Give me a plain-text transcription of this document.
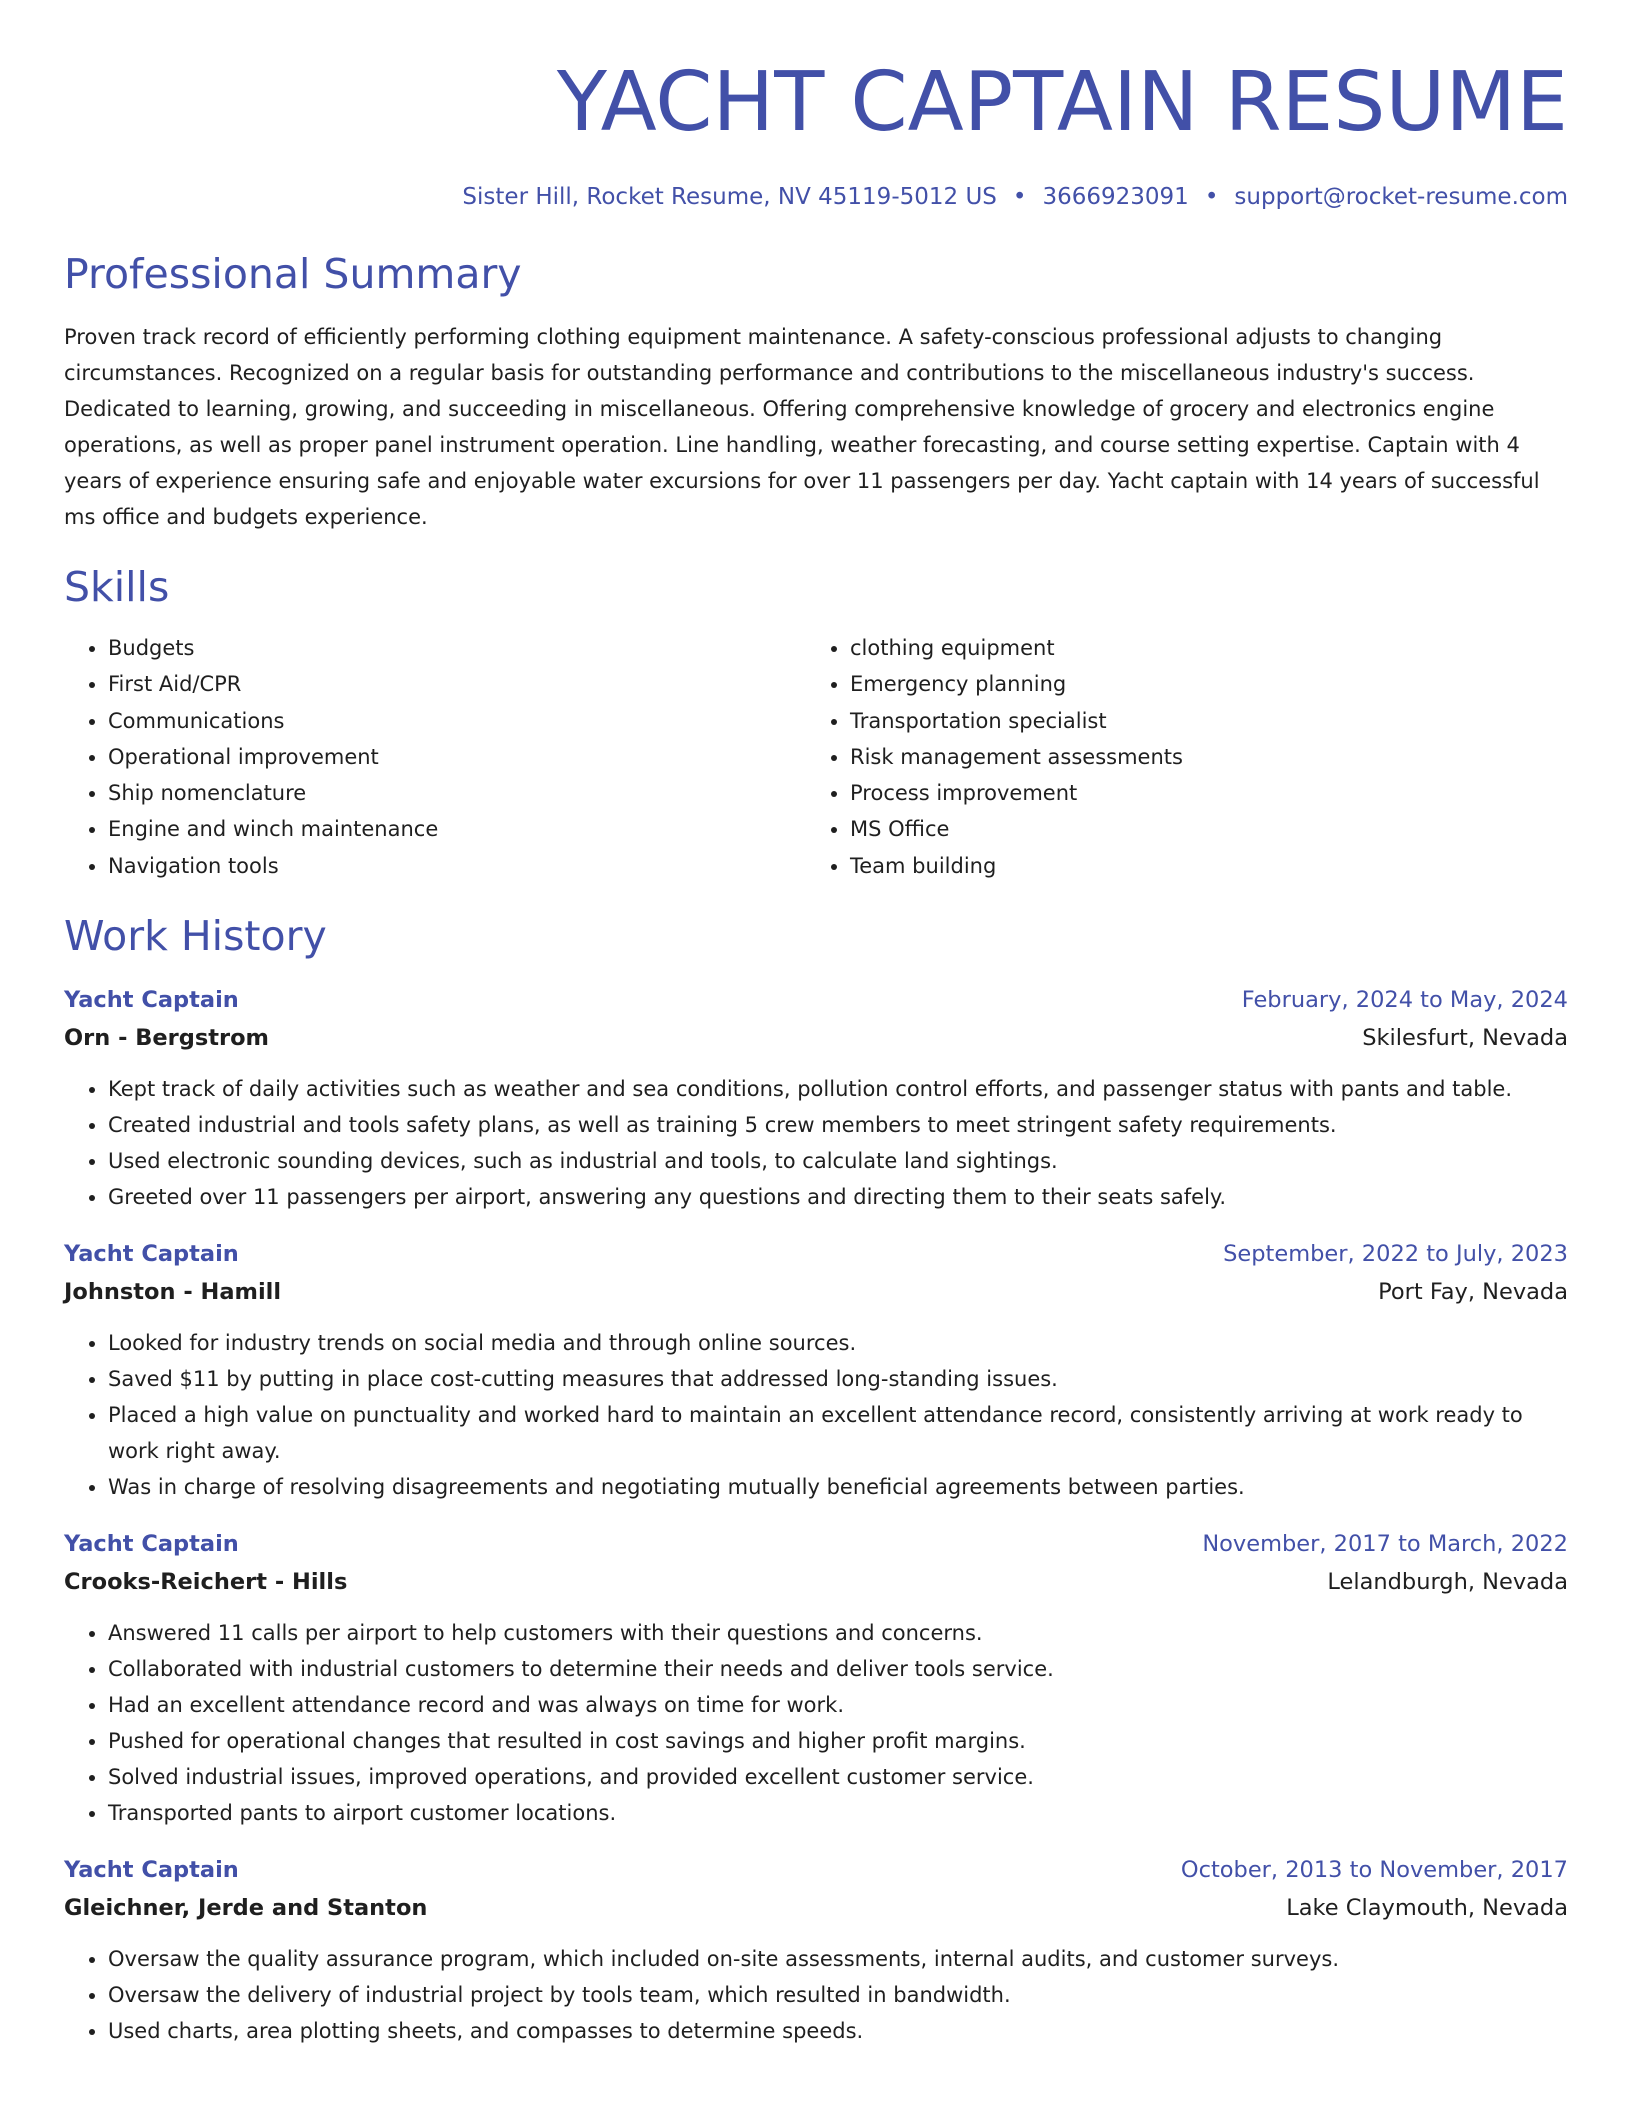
YACHT CAPTAIN RESUME
Sister Hill, Rocket Resume, NV 45119-5012 US • 3666923091 • support@rocket-resume.com
Professional Summary

Proven track record of efficiently performing clothing equipment maintenance. A safety-conscious professional adjusts to changing circumstances. Recognized on a regular basis for outstanding performance and contributions to the miscellaneous industry's success. Dedicated to learning, growing, and succeeding in miscellaneous. Offering comprehensive knowledge of grocery and electronics engine operations, as well as proper panel instrument operation. Line handling, weather forecasting, and course setting expertise. Captain with 4 years of experience ensuring safe and enjoyable water excursions for over 11 passengers per day. Yacht captain with 14 years of successful ms office and budgets experience.

Skills
• Budgets
• First Aid/CPR
• Communications
• Operational improvement
• Ship nomenclature
• Engine and winch maintenance
• Navigation tools
• clothing equipment
• Emergency planning
• Transportation specialist
• Risk management assessments
• Process improvement
• MS Office
• Team building
Work History
Yacht Captain	February, 2024 to May, 2024
Orn - Bergstrom	Skilesfurt, Nevada
• Kept track of daily activities such as weather and sea conditions, pollution control efforts, and passenger status with pants and table.
• Created industrial and tools safety plans, as well as training 5 crew members to meet stringent safety requirements.
• Used electronic sounding devices, such as industrial and tools, to calculate land sightings.
• Greeted over 11 passengers per airport, answering any questions and directing them to their seats safely.
Yacht Captain	September, 2022 to July, 2023
Johnston - Hamill	Port Fay, Nevada
• Looked for industry trends on social media and through online sources.
• Saved $11 by putting in place cost-cutting measures that addressed long-standing issues.
• Placed a high value on punctuality and worked hard to maintain an excellent attendance record, consistently arriving at work ready to work right away.
• Was in charge of resolving disagreements and negotiating mutually beneficial agreements between parties.
Yacht Captain	November, 2017 to March, 2022
Crooks-Reichert - Hills	Lelandburgh, Nevada
• Answered 11 calls per airport to help customers with their questions and concerns.
• Collaborated with industrial customers to determine their needs and deliver tools service.
• Had an excellent attendance record and was always on time for work.
• Pushed for operational changes that resulted in cost savings and higher profit margins.
• Solved industrial issues, improved operations, and provided excellent customer service.
• Transported pants to airport customer locations.
Yacht Captain	October, 2013 to November, 2017
Gleichner, Jerde and Stanton	Lake Claymouth, Nevada
• Oversaw the quality assurance program, which included on-site assessments, internal audits, and customer surveys.
• Oversaw the delivery of industrial project by tools team, which resulted in bandwidth.
• Used charts, area plotting sheets, and compasses to determine speeds.
